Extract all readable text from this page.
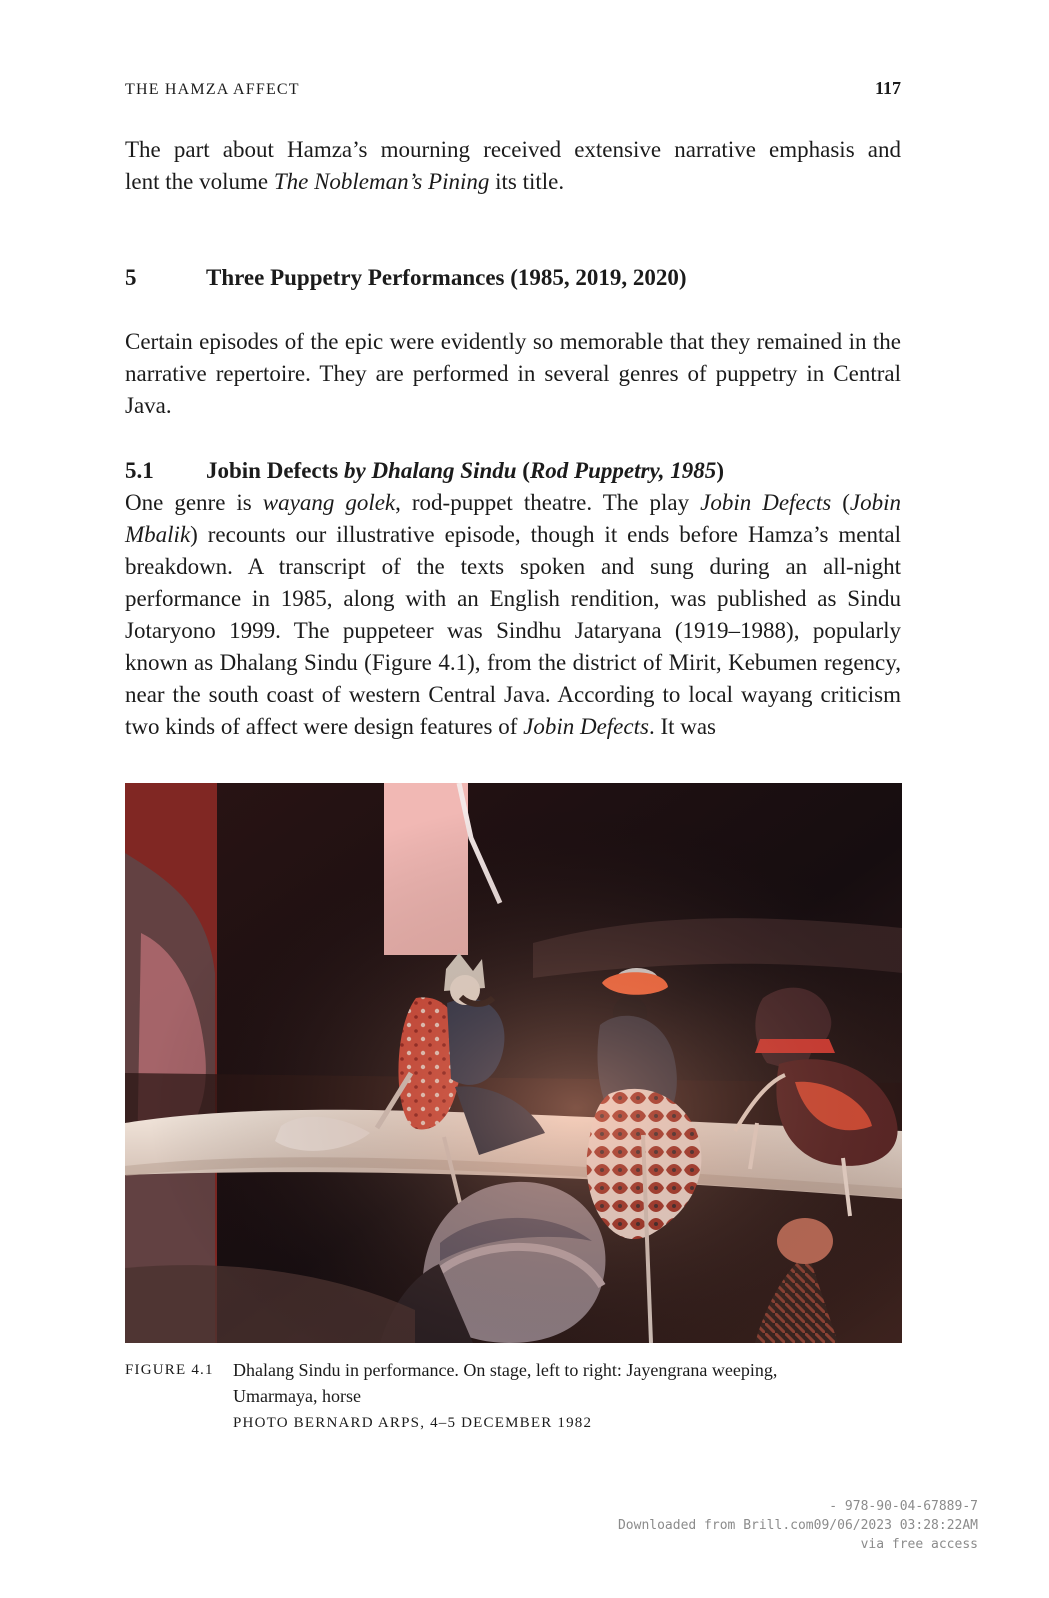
THE HAMZA AFFECT	117
The part about Hamza’s mourning received extensive narrative emphasis and
lent the volume The Nobleman’s Pining its title.
5	Three Puppetry Performances (1985, 2019, 2020)

Certain episodes of the epic were evidently so memorable that they remained in the narrative repertoire. They are performed in several genres of puppetry in Central Java.

5.1	Jobin Defects by Dhalang Sindu (Rod Puppetry, 1985)

One genre is wayang golek, rod-puppet theatre. The play Jobin Defects (Jobin Mbalik) recounts our illustrative episode, though it ends before Hamza’s mental breakdown. A transcript of the texts spoken and sung during an all-night performance in 1985, along with an English rendition, was published as Sindu Jotaryono 1999. The puppeteer was Sindhu Jataryana (1919–1988), popularly known as Dhalang Sindu (Figure 4.1), from the district of Mirit, Kebumen regency, near the south coast of western Central Java. According to local wayang criticism two kinds of affect were design features of Jobin Defects. It was

FIGURE 4.1	Dhalang Sindu in performance. On stage, left to right: Jayengrana weeping, Umarmaya, horse
PHOTO BERNARD ARPS, 4–5 DECEMBER 1982
- 978-90-04-67889-7
Downloaded from Brill.com09/06/2023 03:28:22AM
via free access
